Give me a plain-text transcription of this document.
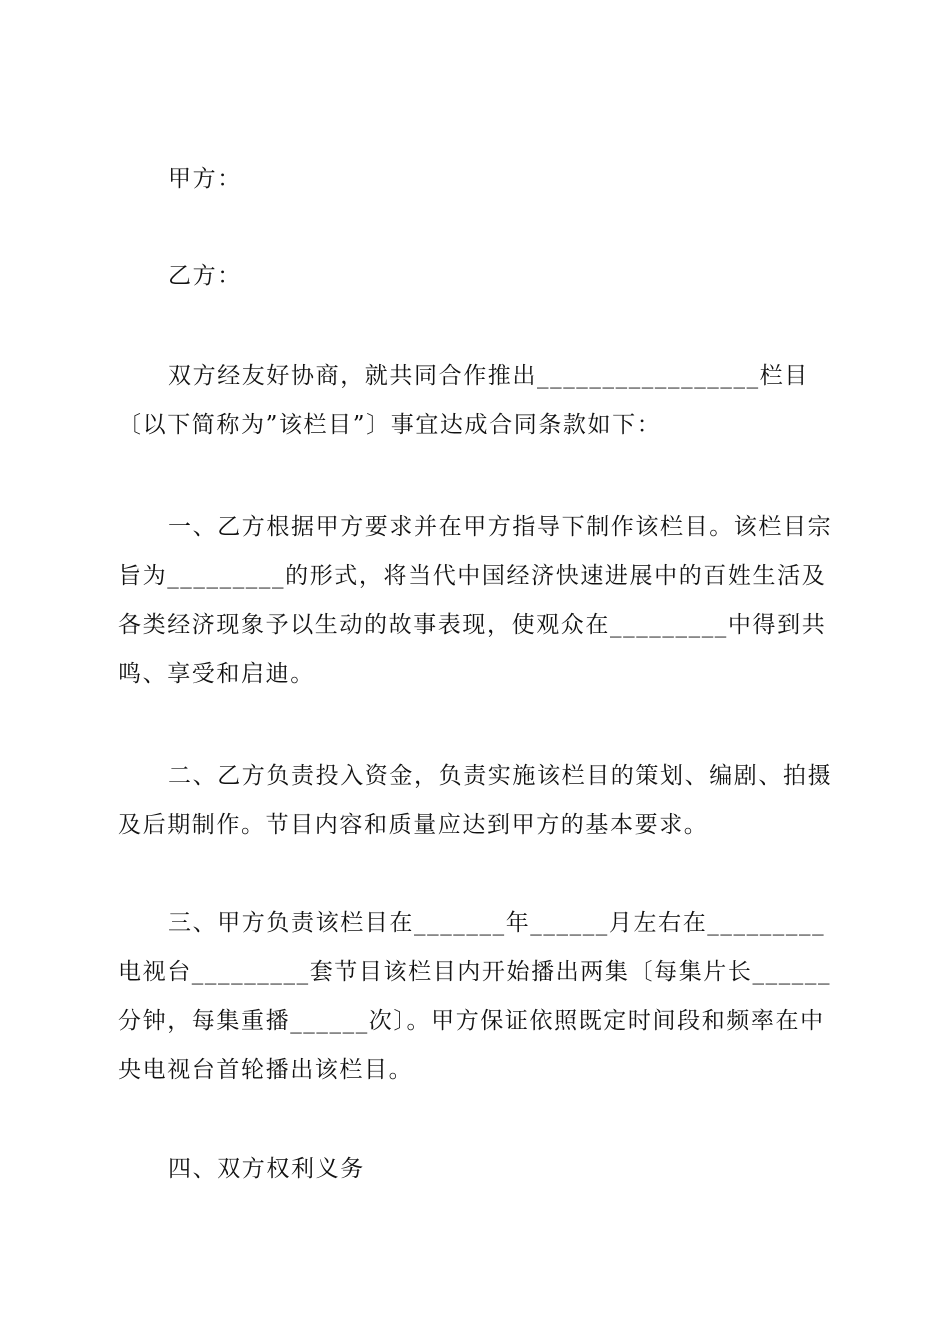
甲方：

乙方：

双方经友好协商，就共同合作推出_________________栏目〔以下简称为”该栏目”〕事宜达成合同条款如下：

一、乙方根据甲方要求并在甲方指导下制作该栏目。该栏目宗旨为_________的形式，将当代中国经济快速进展中的百姓生活及各类经济现象予以生动的故事表现，使观众在_________中得到共鸣、享受和启迪。

二、乙方负责投入资金，负责实施该栏目的策划、编剧、拍摄及后期制作。节目内容和质量应达到甲方的基本要求。

三、甲方负责该栏目在_______年______月左右在_________电视台_________套节目该栏目内开始播出两集〔每集片长______分钟，每集重播______次〕。甲方保证依照既定时间段和频率在中央电视台首轮播出该栏目。

四、双方权利义务
